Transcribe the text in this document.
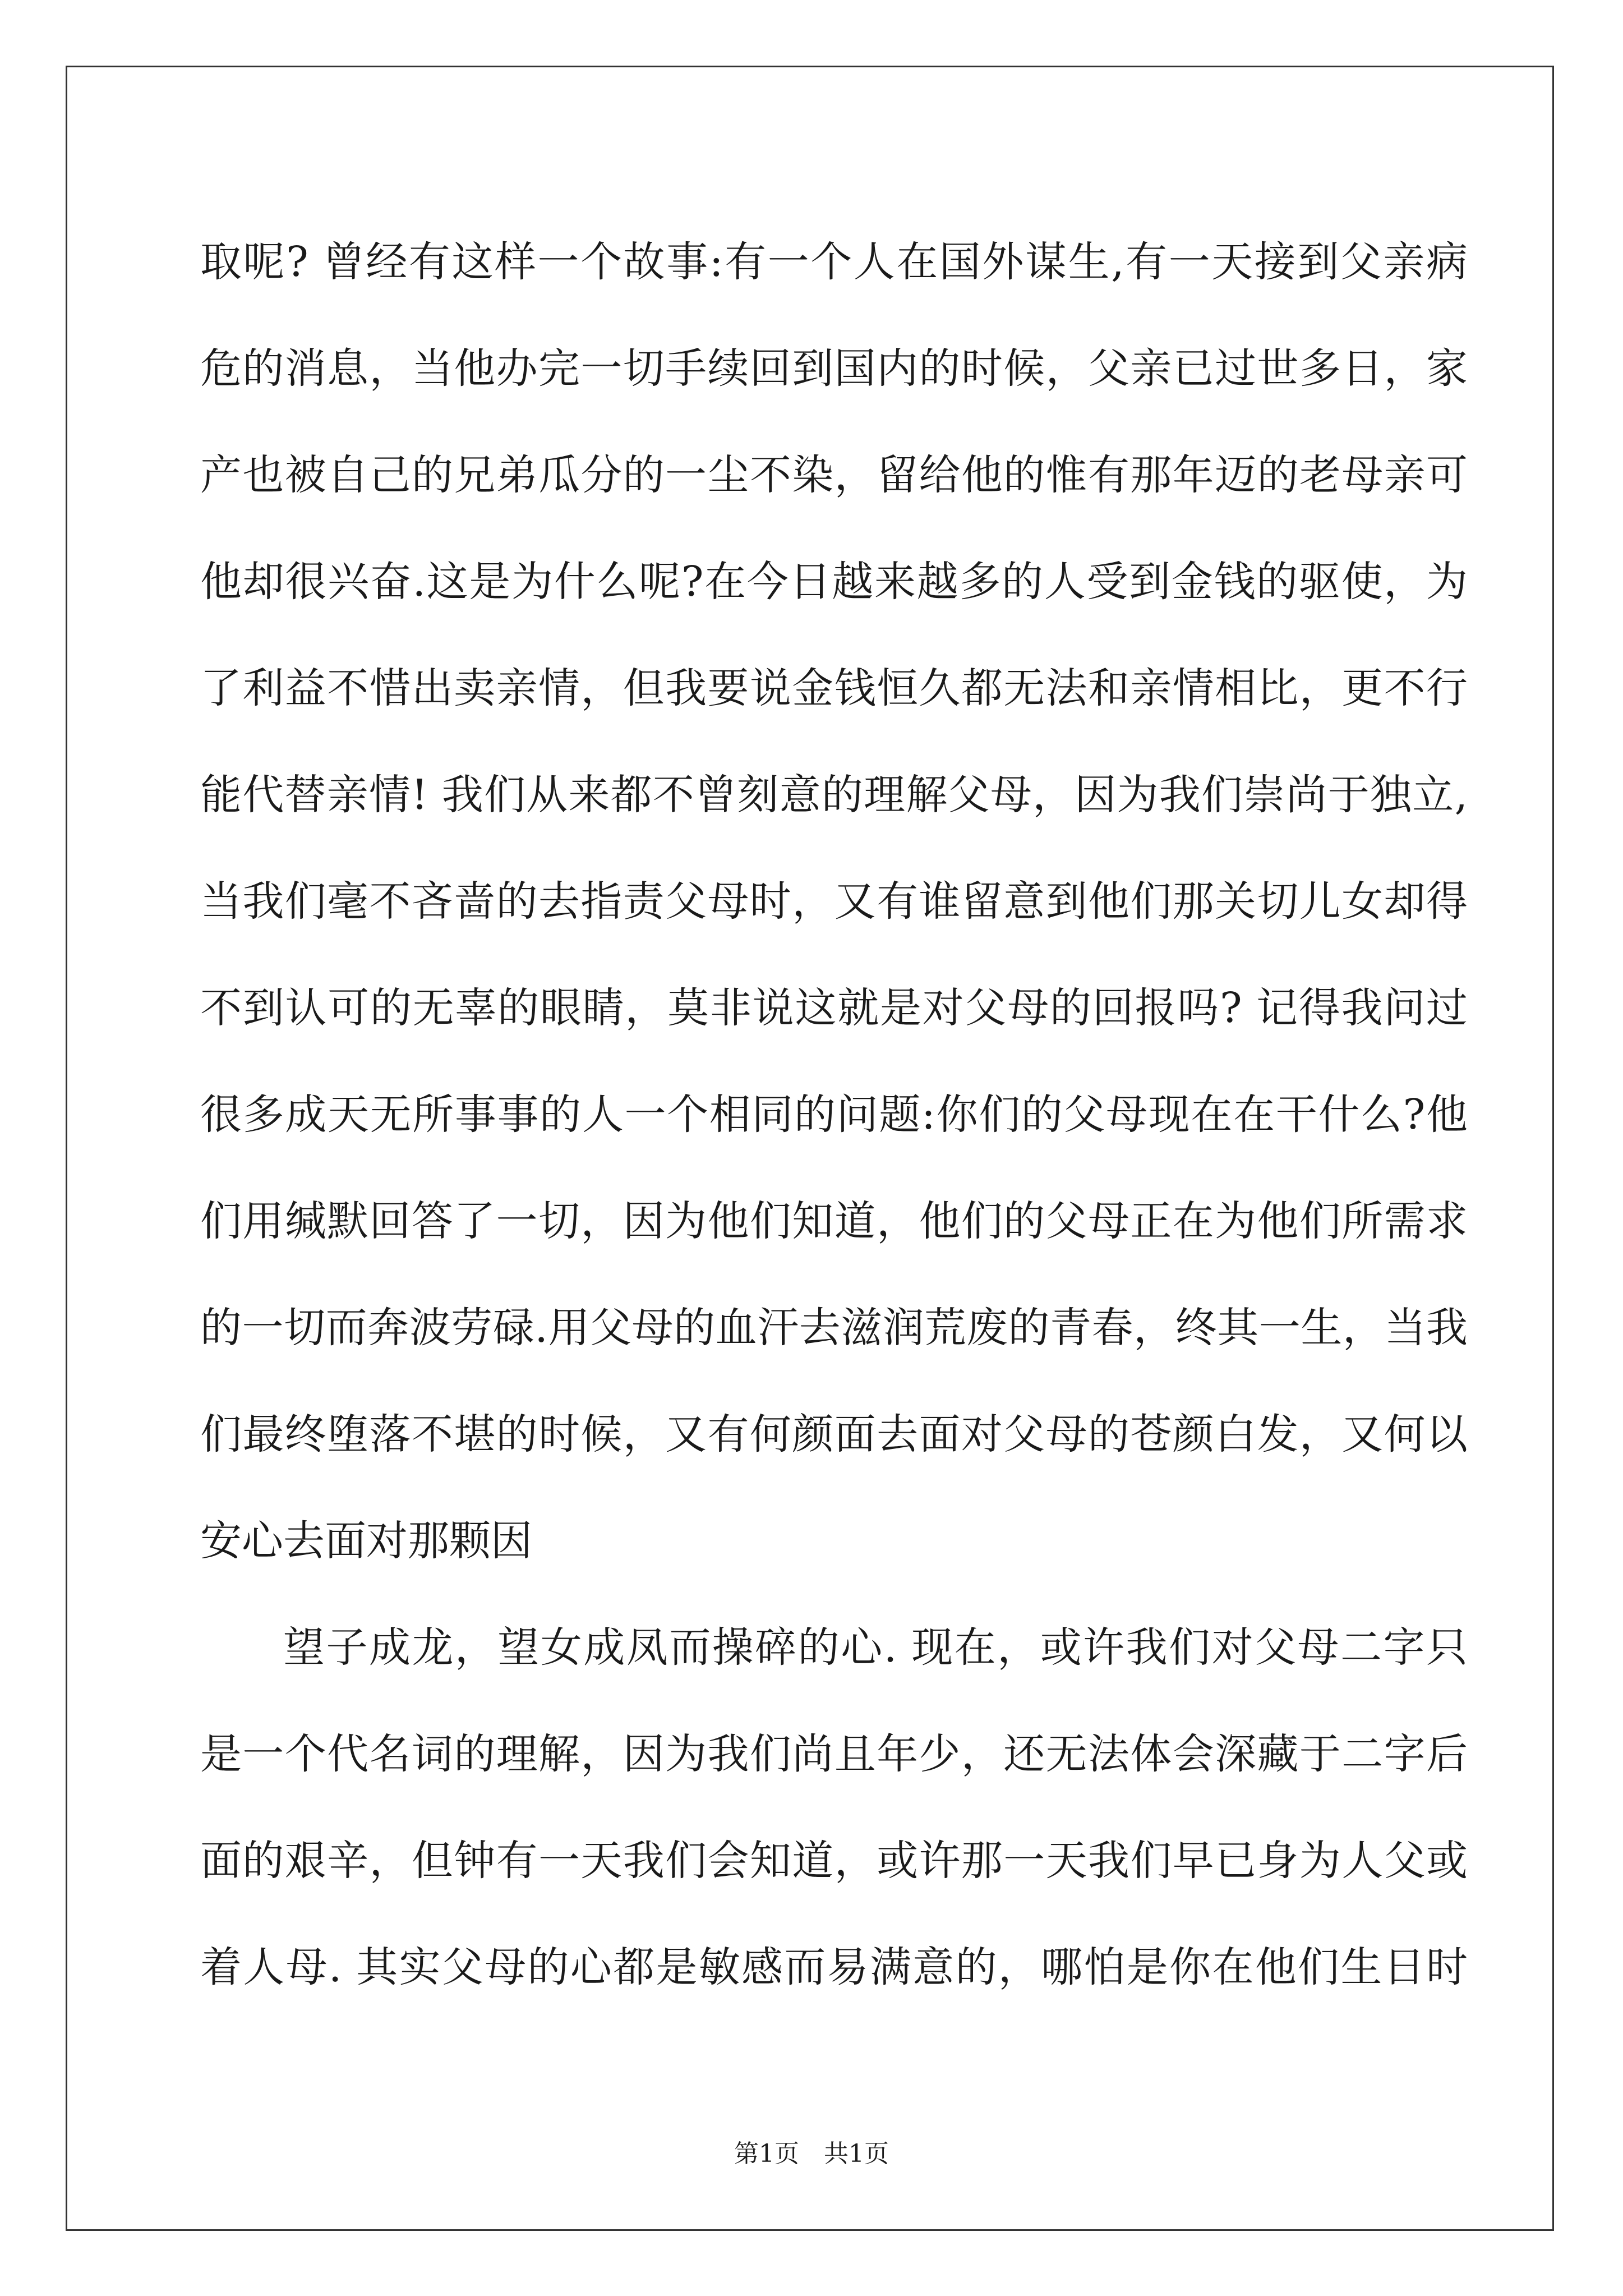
取呢? 曾经有这样一个故事:有一个人在国外谋生,有一天接到父亲病
危的消息，当他办完一切手续回到国内的时候，父亲已过世多日，家
产也被自己的兄弟瓜分的一尘不染，留给他的惟有那年迈的老母亲可
他却很兴奋.这是为什么呢?在今日越来越多的人受到金钱的驱使，为
了利益不惜出卖亲情，但我要说金钱恒久都无法和亲情相比，更不行
能代替亲情! 我们从来都不曾刻意的理解父母，因为我们崇尚于独立,
当我们毫不吝啬的去指责父母时，又有谁留意到他们那关切儿女却得
不到认可的无辜的眼睛，莫非说这就是对父母的回报吗? 记得我问过
很多成天无所事事的人一个相同的问题:你们的父母现在在干什么?他
们用缄默回答了一切，因为他们知道，他们的父母正在为他们所需求
的一切而奔波劳碌.用父母的血汗去滋润荒废的青春，终其一生，当我
们最终堕落不堪的时候，又有何颜面去面对父母的苍颜白发，又何以
安心去面对那颗因
望子成龙，望女成凤而操碎的心. 现在，或许我们对父母二字只
是一个代名词的理解，因为我们尚且年少，还无法体会深藏于二字后
面的艰辛，但钟有一天我们会知道，或许那一天我们早已身为人父或
着人母. 其实父母的心都是敏感而易满意的，哪怕是你在他们生日时
第1页　共1页
